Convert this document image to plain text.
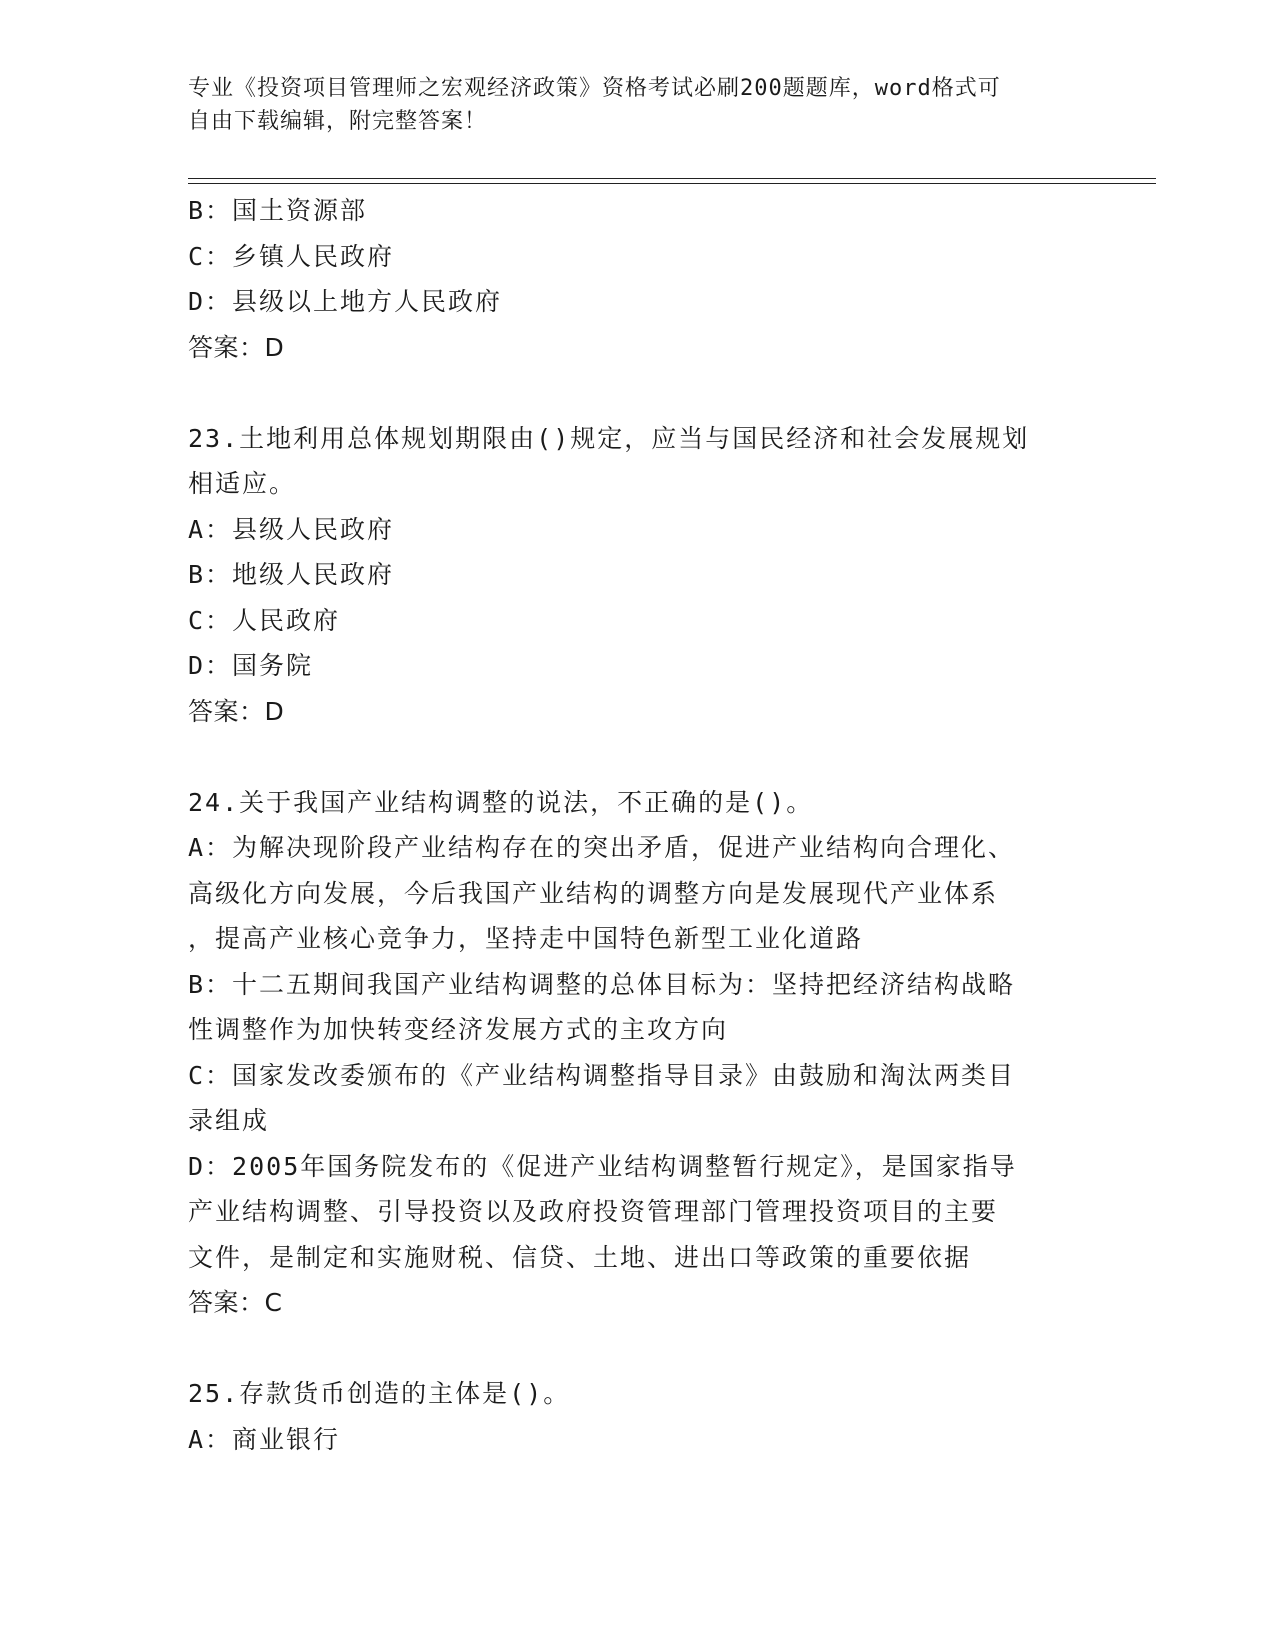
专业《投资项目管理师之宏观经济政策》资格考试必刷200题题库，word格式可
自由下载编辑，附完整答案！
B：国土资源部
C：乡镇人民政府
D：县级以上地方人民政府
答案：D
23.土地利用总体规划期限由()规定，应当与国民经济和社会发展规划
相适应。
A：县级人民政府
B：地级人民政府
C：人民政府
D：国务院
答案：D
24.关于我国产业结构调整的说法，不正确的是()。
A：为解决现阶段产业结构存在的突出矛盾，促进产业结构向合理化、
高级化方向发展，今后我国产业结构的调整方向是发展现代产业体系
，提高产业核心竞争力，坚持走中国特色新型工业化道路
B：十二五期间我国产业结构调整的总体目标为：坚持把经济结构战略
性调整作为加快转变经济发展方式的主攻方向
C：国家发改委颁布的《产业结构调整指导目录》由鼓励和淘汰两类目
录组成
D：2005年国务院发布的《促进产业结构调整暂行规定》，是国家指导
产业结构调整、引导投资以及政府投资管理部门管理投资项目的主要
文件，是制定和实施财税、信贷、土地、进出口等政策的重要依据
答案：C
25.存款货币创造的主体是()。
A：商业银行
